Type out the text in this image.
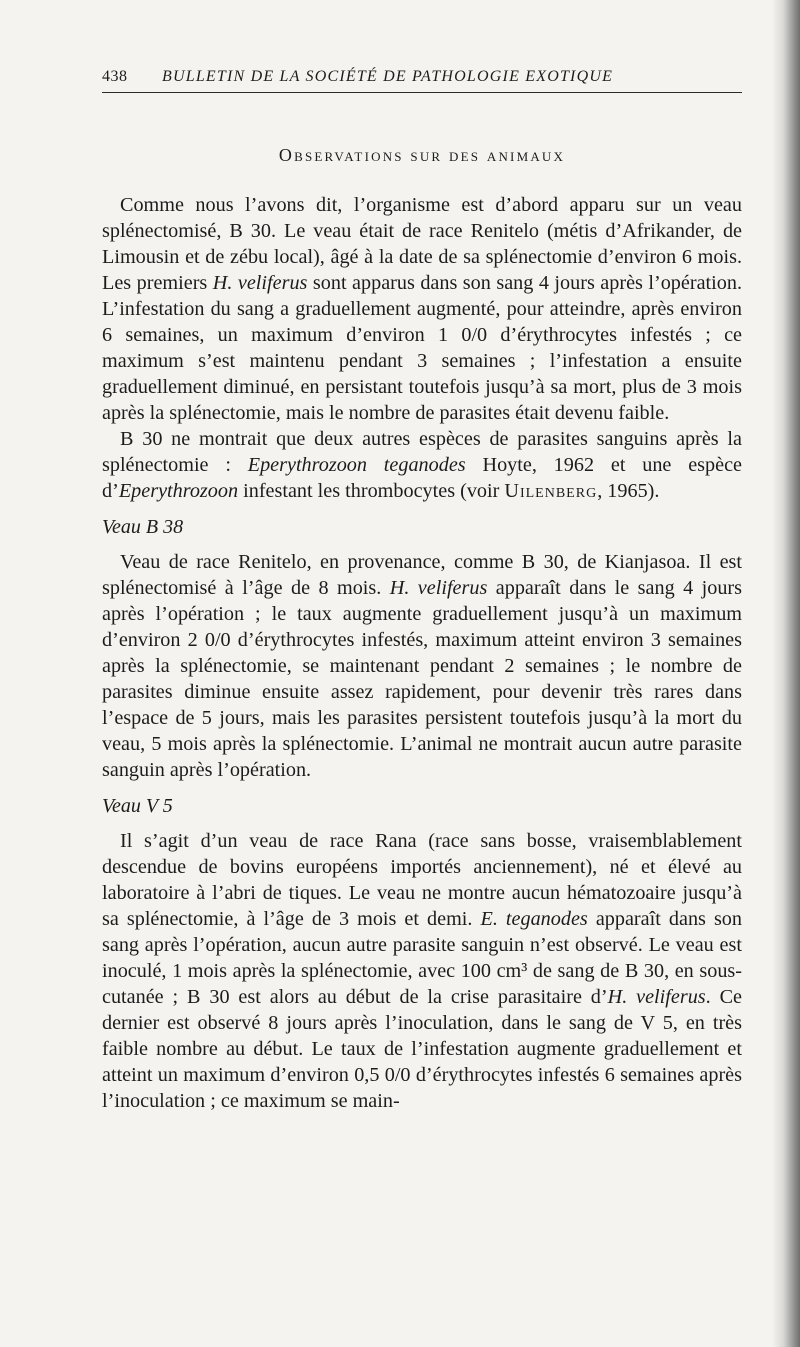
438	BULLETIN DE LA SOCIÉTÉ DE PATHOLOGIE EXOTIQUE
Observations sur des animaux

Comme nous l’avons dit, l’organisme est d’abord apparu sur un veau splénectomisé, B 30. Le veau était de race Renitelo (métis d’Afrikander, de Limousin et de zébu local), âgé à la date de sa splénectomie d’environ 6 mois. Les premiers H. veliferus sont apparus dans son sang 4 jours après l’opération. L’infestation du sang a graduellement augmenté, pour atteindre, après environ 6 semaines, un maximum d’environ 1 0/0 d’érythrocytes infestés ; ce maximum s’est maintenu pendant 3 semaines ; l’infestation a ensuite graduellement diminué, en persistant toutefois jusqu’à sa mort, plus de 3 mois après la splénectomie, mais le nombre de parasites était devenu faible.

B 30 ne montrait que deux autres espèces de parasites sanguins après la splénectomie : Eperythrozoon teganodes Hoyte, 1962 et une espèce d’Eperythrozoon infestant les thrombocytes (voir Uilenberg, 1965).

Veau B 38

Veau de race Renitelo, en provenance, comme B 30, de Kianjasoa. Il est splénectomisé à l’âge de 8 mois. H. veliferus apparaît dans le sang 4 jours après l’opération ; le taux augmente graduellement jusqu’à un maximum d’environ 2 0/0 d’érythrocytes infestés, maximum atteint environ 3 semaines après la splénectomie, se maintenant pendant 2 semaines ; le nombre de parasites diminue ensuite assez rapidement, pour devenir très rares dans l’espace de 5 jours, mais les parasites persistent toutefois jusqu’à la mort du veau, 5 mois après la splénectomie. L’animal ne montrait aucun autre parasite sanguin après l’opération.

Veau V 5

Il s’agit d’un veau de race Rana (race sans bosse, vraisemblablement descendue de bovins européens importés anciennement), né et élevé au laboratoire à l’abri de tiques. Le veau ne montre aucun hématozoaire jusqu’à sa splénectomie, à l’âge de 3 mois et demi. E. teganodes apparaît dans son sang après l’opération, aucun autre parasite sanguin n’est observé. Le veau est inoculé, 1 mois après la splénectomie, avec 100 cm³ de sang de B 30, en sous-cutanée ; B 30 est alors au début de la crise parasitaire d’H. veliferus. Ce dernier est observé 8 jours après l’inoculation, dans le sang de V 5, en très faible nombre au début. Le taux de l’infestation augmente graduellement et atteint un maximum d’environ 0,5 0/0 d’érythrocytes infestés 6 semaines après l’inoculation ; ce maximum se main-
